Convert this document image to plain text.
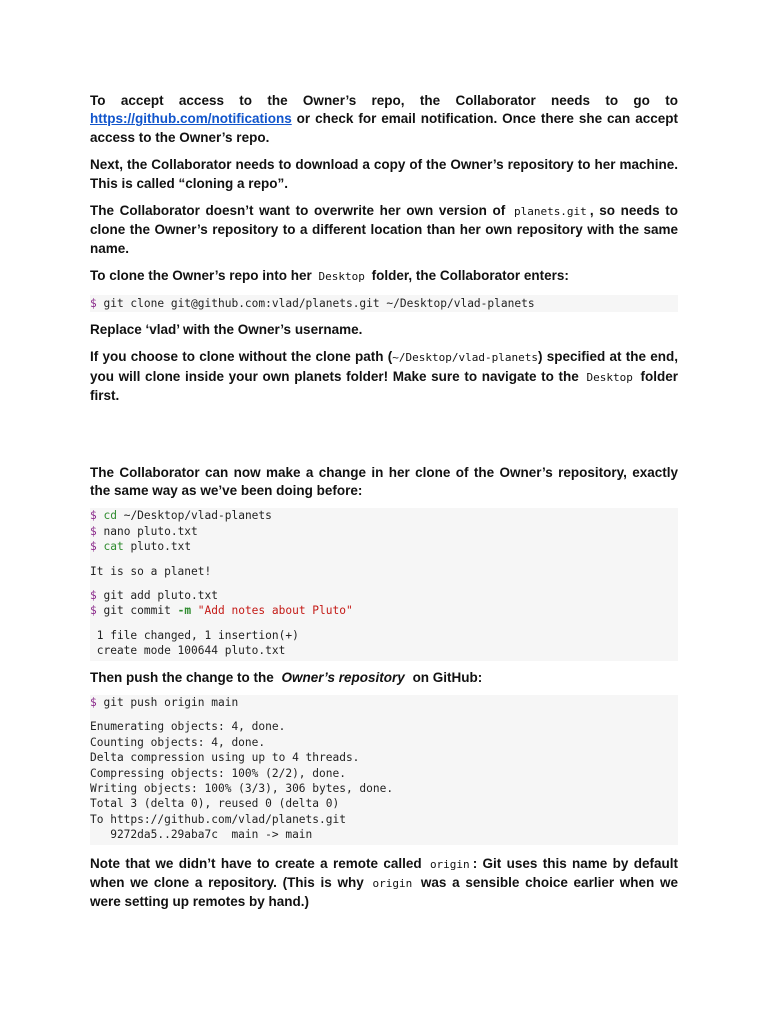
To accept access to the Owner’s repo, the Collaborator needs to go to https://github.com/notifications or check for email notification. Once there she can accept access to the Owner’s repo.

Next, the Collaborator needs to download a copy of the Owner’s repository to her machine. This is called “cloning a repo”.

The Collaborator doesn’t want to overwrite her own version of planets.git , so needs to clone the Owner’s repository to a different location than her own repository with the same name.

To clone the Owner’s repo into her Desktop folder, the Collaborator enters:

$ git clone git@github.com:vlad/planets.git ~/Desktop/vlad-planets

Replace ‘vlad’ with the Owner’s username.

If you choose to clone without the clone path (~/Desktop/vlad-planets) specified at the end, you will clone inside your own planets folder! Make sure to navigate to the Desktop folder first.

The Collaborator can now make a change in her clone of the Owner’s repository, exactly the same way as we’ve been doing before:

$ cd ~/Desktop/vlad-planets
$ nano pluto.txt
$ cat pluto.txt
It is so a planet!
$ git add pluto.txt
$ git commit -m "Add notes about Pluto"
1 file changed, 1 insertion(+)
create mode 100644 pluto.txt

Then push the change to the Owner’s repository on GitHub:

$ git push origin main
Enumerating objects: 4, done.
Counting objects: 4, done.
Delta compression using up to 4 threads.
Compressing objects: 100% (2/2), done.
Writing objects: 100% (3/3), 306 bytes, done.
Total 3 (delta 0), reused 0 (delta 0)
To https://github.com/vlad/planets.git
9272da5..29aba7c  main -> main

Note that we didn’t have to create a remote called origin : Git uses this name by default when we clone a repository. (This is why origin was a sensible choice earlier when we were setting up remotes by hand.)
